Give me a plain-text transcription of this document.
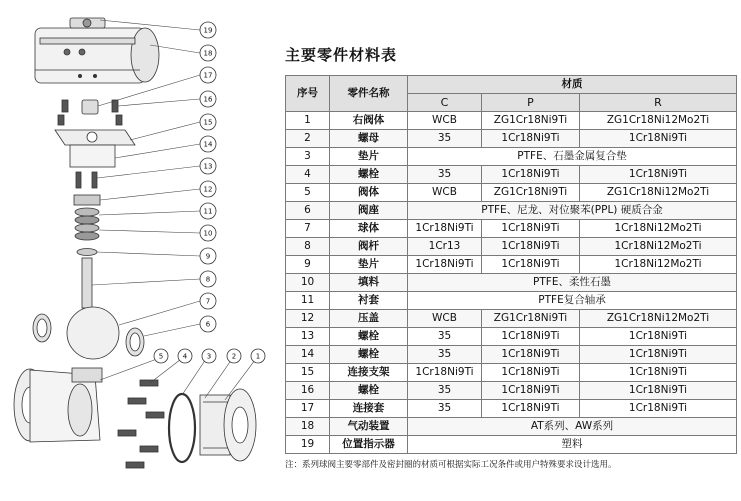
19
18
17
16
15
14
13
12
11
10
9
8
7
6
5	4	3	2	1
主要零件材料表
序号	零件名称	材质		
		C	P	R
1	右阀体	WCB	ZG1Cr18Ni9Ti	ZG1Cr18Ni12Mo2Ti
2	螺母	35	1Cr18Ni9Ti	1Cr18Ni9Ti
3	垫片	PTFE、石墨金属复合垫		
4	螺栓	35	1Cr18Ni9Ti	1Cr18Ni9Ti
5	阀体	WCB	ZG1Cr18Ni9Ti	ZG1Cr18Ni12Mo2Ti
6	阀座	PTFE、尼龙、对位聚苯(PPL) 硬质合金		
7	球体	1Cr18Ni9Ti	1Cr18Ni9Ti	1Cr18Ni12Mo2Ti
8	阀杆	1Cr13	1Cr18Ni9Ti	1Cr18Ni12Mo2Ti
9	垫片	1Cr18Ni9Ti	1Cr18Ni9Ti	1Cr18Ni12Mo2Ti
10	填料	PTFE、柔性石墨		
11	衬套	PTFE复合轴承		
12	压盖	WCB	ZG1Cr18Ni9Ti	ZG1Cr18Ni12Mo2Ti
13	螺栓	35	1Cr18Ni9Ti	1Cr18Ni9Ti
14	螺栓	35	1Cr18Ni9Ti	1Cr18Ni9Ti
15	连接支架	1Cr18Ni9Ti	1Cr18Ni9Ti	1Cr18Ni9Ti
16	螺栓	35	1Cr18Ni9Ti	1Cr18Ni9Ti
17	连接套	35	1Cr18Ni9Ti	1Cr18Ni9Ti
18	气动装置	AT系列、AW系列		
19	位置指示器	塑料		
注：系列球阀主要零部件及密封圈的材质可根据实际工况条件或用户特殊要求设计选用。
